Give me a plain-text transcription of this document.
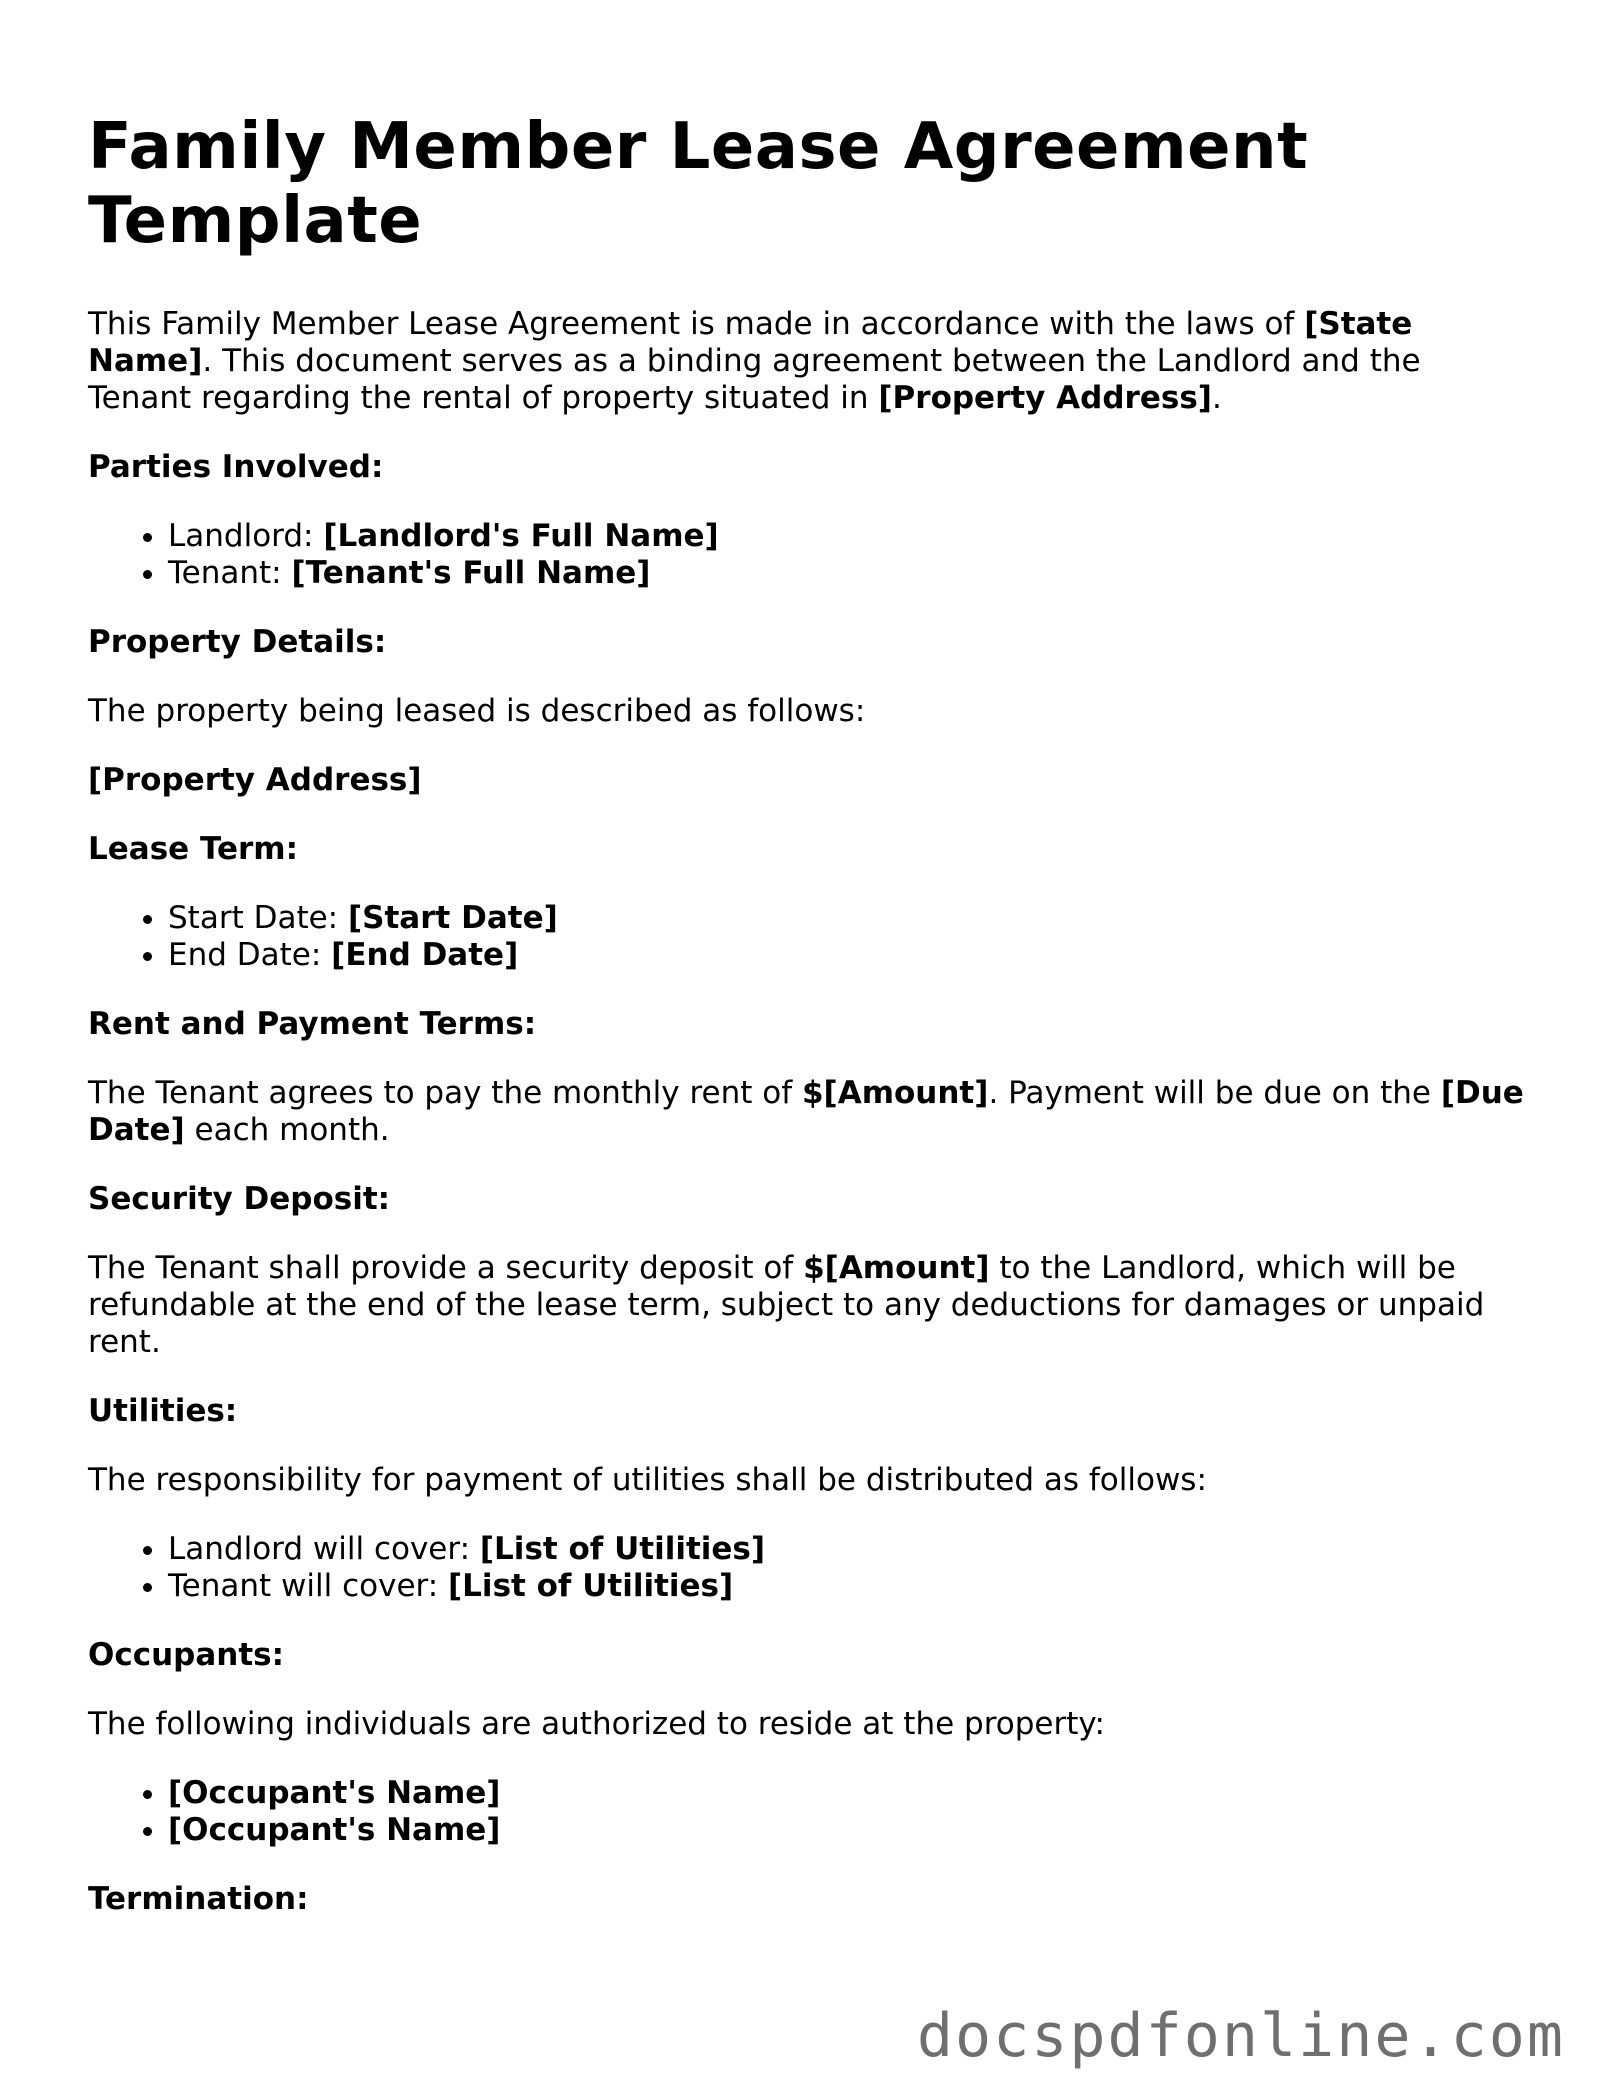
Family Member Lease Agreement Template

This Family Member Lease Agreement is made in accordance with the laws of [State Name]. This document serves as a binding agreement between the Landlord and the Tenant regarding the rental of property situated in [Property Address].

Parties Involved:

• Landlord: [Landlord's Full Name]
• Tenant: [Tenant's Full Name]

Property Details:

The property being leased is described as follows:

[Property Address]

Lease Term:

• Start Date: [Start Date]
• End Date: [End Date]

Rent and Payment Terms:

The Tenant agrees to pay the monthly rent of $[Amount]. Payment will be due on the [Due Date] each month.

Security Deposit:

The Tenant shall provide a security deposit of $[Amount] to the Landlord, which will be refundable at the end of the lease term, subject to any deductions for damages or unpaid rent.

Utilities:

The responsibility for payment of utilities shall be distributed as follows:

• Landlord will cover: [List of Utilities]
• Tenant will cover: [List of Utilities]

Occupants:

The following individuals are authorized to reside at the property:

• [Occupant's Name]
• [Occupant's Name]

Termination:

docspdfonline.com
